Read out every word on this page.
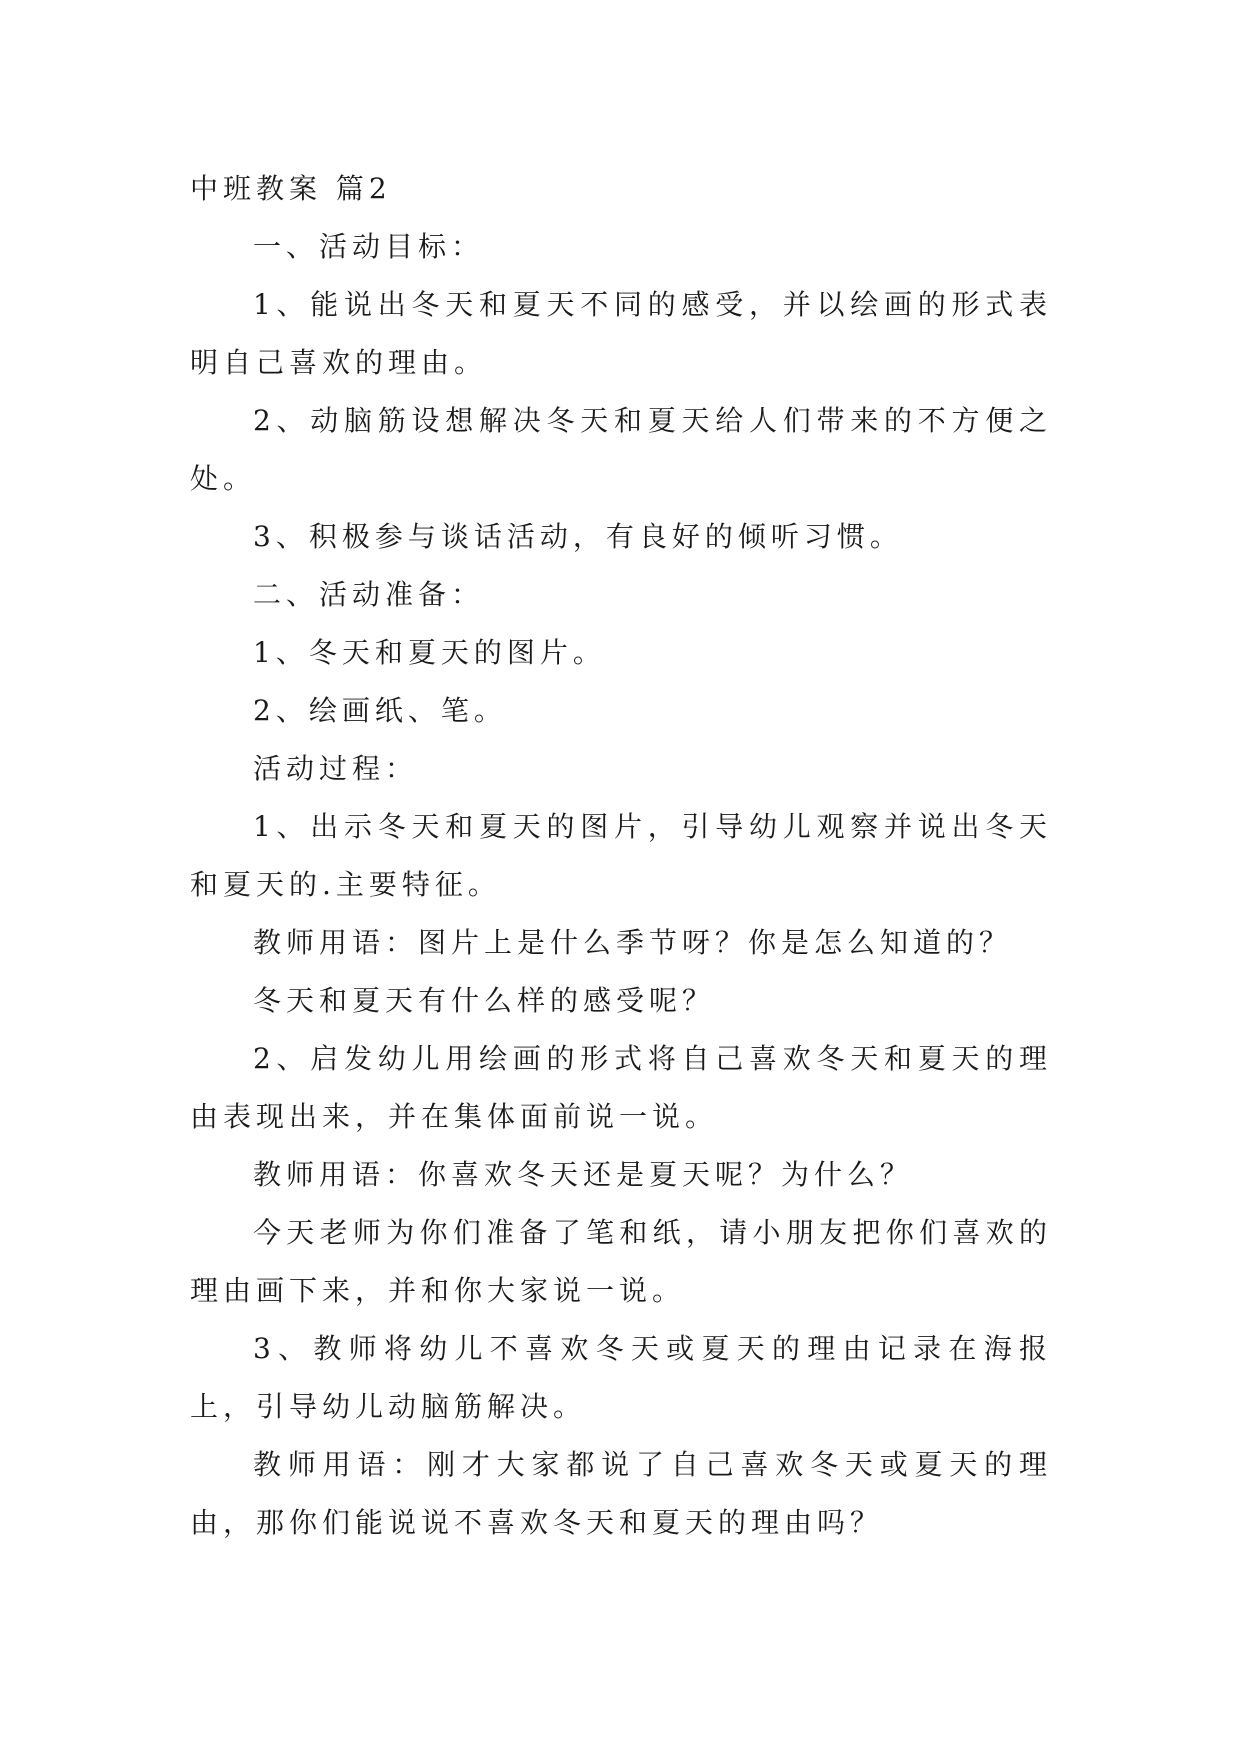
中班教案 篇2

一、活动目标：

1、能说出冬天和夏天不同的感受，并以绘画的形式表明自己喜欢的理由。

2、动脑筋设想解决冬天和夏天给人们带来的不方便之处。

3、积极参与谈话活动，有良好的倾听习惯。

二、活动准备：

1、冬天和夏天的图片。

2、绘画纸、笔。

活动过程：

1、出示冬天和夏天的图片，引导幼儿观察并说出冬天和夏天的.主要特征。

教师用语：图片上是什么季节呀？你是怎么知道的？

冬天和夏天有什么样的感受呢？

2、启发幼儿用绘画的形式将自己喜欢冬天和夏天的理由表现出来，并在集体面前说一说。

教师用语：你喜欢冬天还是夏天呢？为什么？

今天老师为你们准备了笔和纸，请小朋友把你们喜欢的理由画下来，并和你大家说一说。

3、教师将幼儿不喜欢冬天或夏天的理由记录在海报上，引导幼儿动脑筋解决。

教师用语：刚才大家都说了自己喜欢冬天或夏天的理由，那你们能说说不喜欢冬天和夏天的理由吗？
